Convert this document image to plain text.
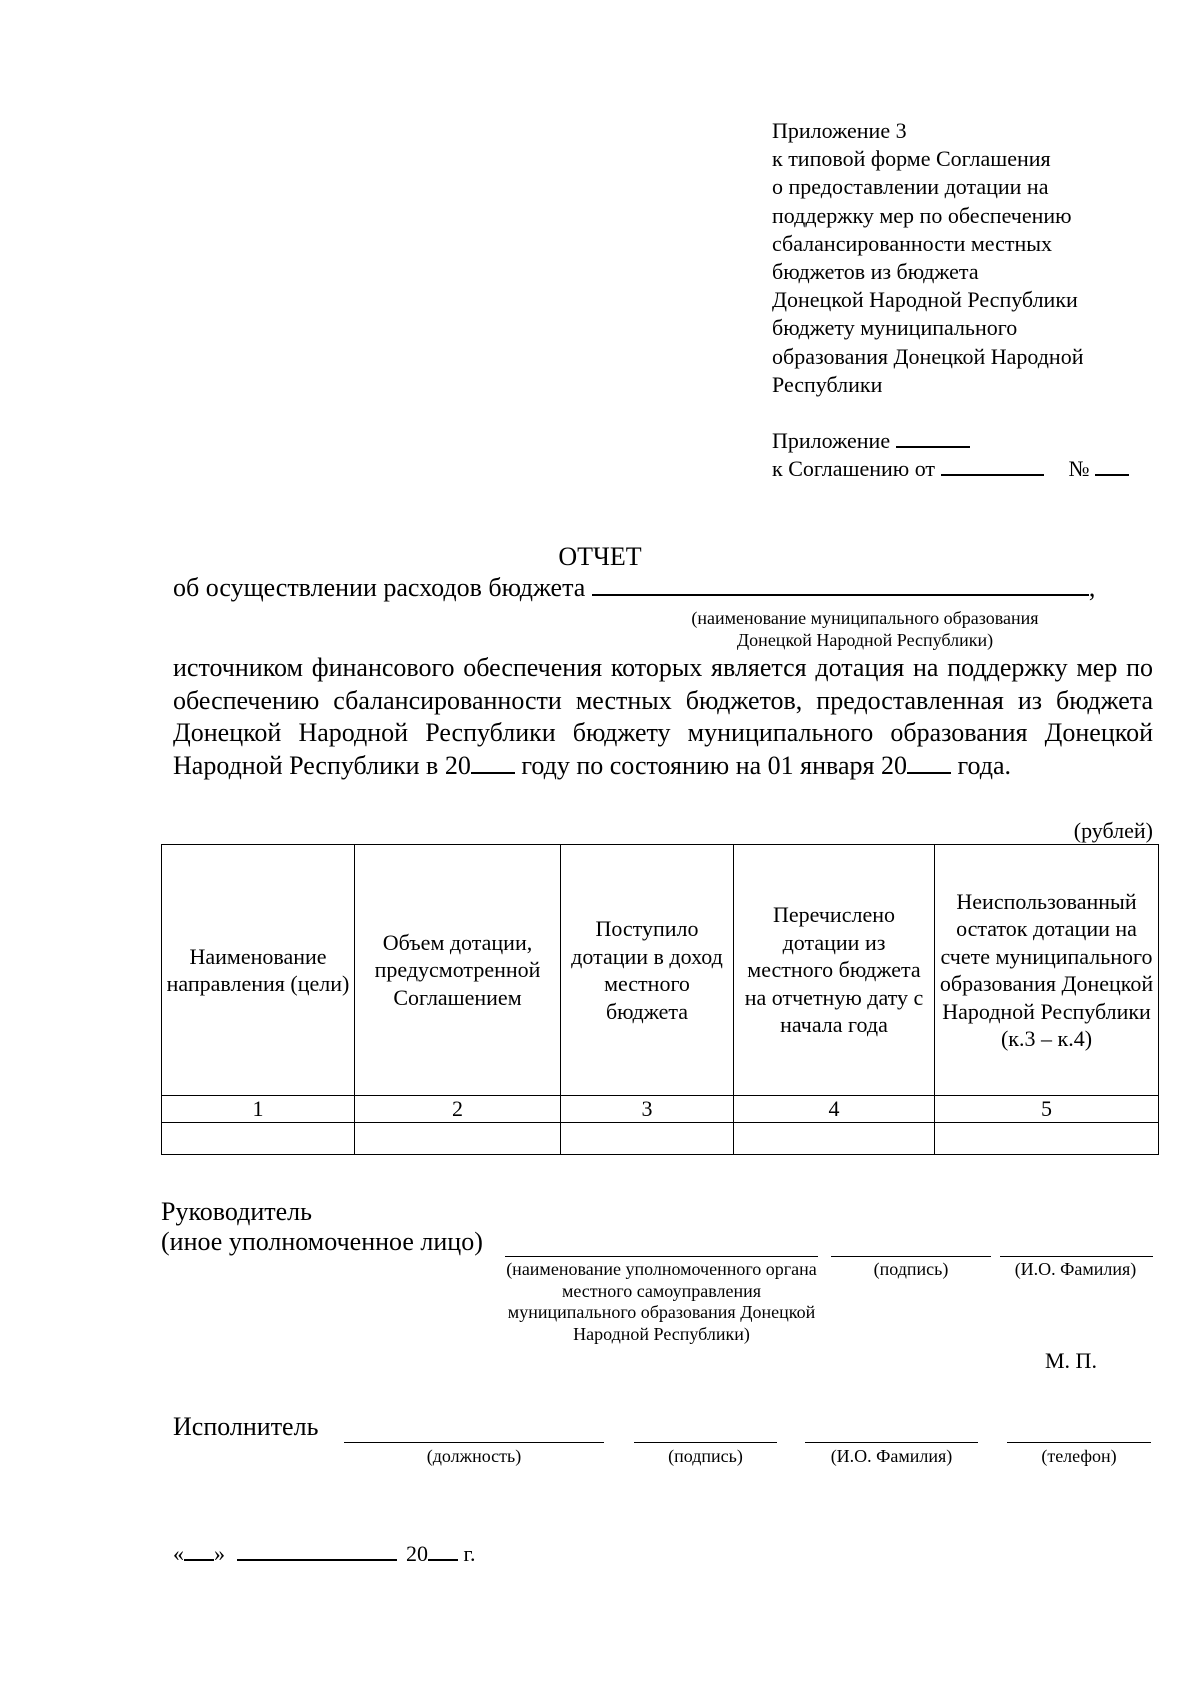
Приложение 3
к типовой форме Соглашения
о предоставлении дотации на
поддержку мер по обеспечению
сбалансированности местных
бюджетов из бюджета
Донецкой Народной Республики
бюджету муниципального
образования Донецкой Народной
Республики
Приложение
к Соглашению от	№
ОТЧЕТ
об осуществлении расходов бюджета	,
(наименование муниципального образования
Донецкой Народной Республики)
источником финансового обеспечения которых является дотация на поддержку мер по обеспечению сбалансированности местных бюджетов, предоставленная из бюджета Донецкой Народной Республики бюджету муниципального образования Донецкой Народной Республики в 20 году по состоянию на 01 января 20 года.
(рублей)
Наименование направления (цели)	Объем дотации, предусмотренной Соглашением	Поступило дотации в доход местного бюджета	Перечислено дотации из местного бюджета на отчетную дату с начала года	Неиспользованный остаток дотации на счете муниципального образования Донецкой Народной Республики (к.3 – к.4)
1	2	3	4	5

Руководитель
(иное уполномоченное лицо)
(наименование уполномоченного органа местного самоуправления муниципального образования Донецкой Народной Республики)
(подпись)	(И.О. Фамилия)
М. П.
Исполнитель
(должность)	(подпись)	(И.О. Фамилия)	(телефон)
« »	20 г.
